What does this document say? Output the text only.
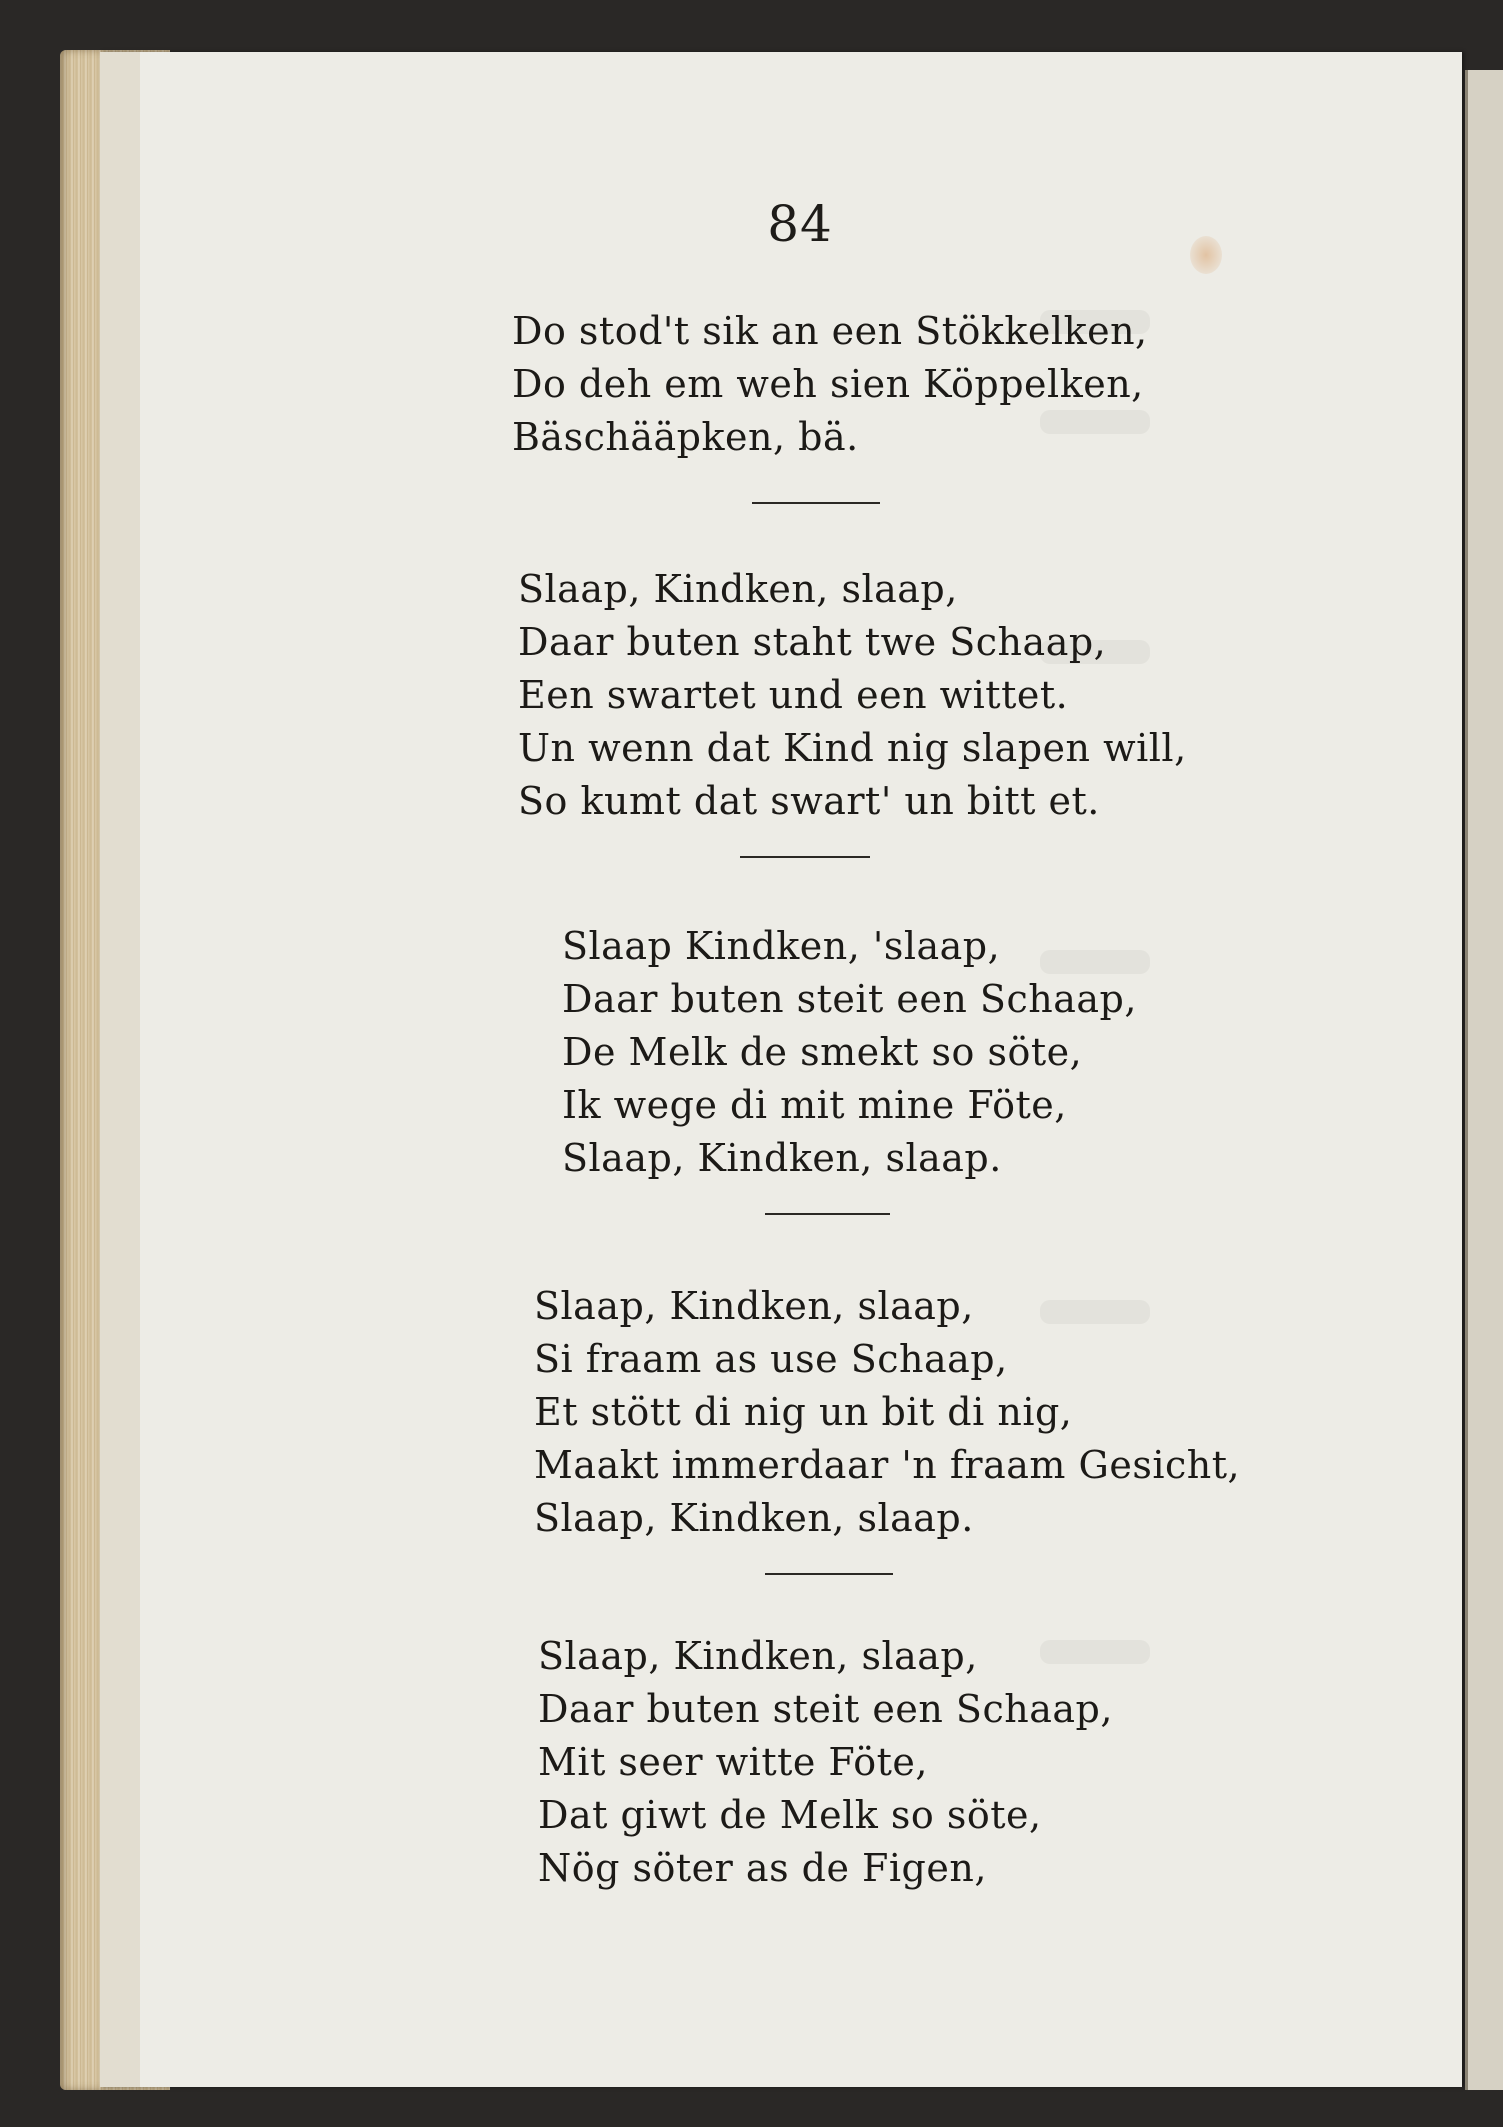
84
Do stod't sik an een Stökkelken,
Do deh em weh sien Köppelken,
Bäschääpken, bä.
Slaap, Kindken, slaap,
Daar buten staht twe Schaap,
Een swartet und een wittet.
Un wenn dat Kind nig slapen will,
So kumt dat swart' un bitt et.
Slaap Kindken, 'slaap,
Daar buten steit een Schaap,
De Melk de smekt so söte,
Ik wege di mit mine Föte,
Slaap, Kindken, slaap.
Slaap, Kindken, slaap,
Si fraam as use Schaap,
Et stött di nig un bit di nig,
Maakt immerdaar 'n fraam Gesicht,
Slaap, Kindken, slaap.
Slaap, Kindken, slaap,
Daar buten steit een Schaap,
Mit seer witte Föte,
Dat giwt de Melk so söte,
Nög söter as de Figen,
